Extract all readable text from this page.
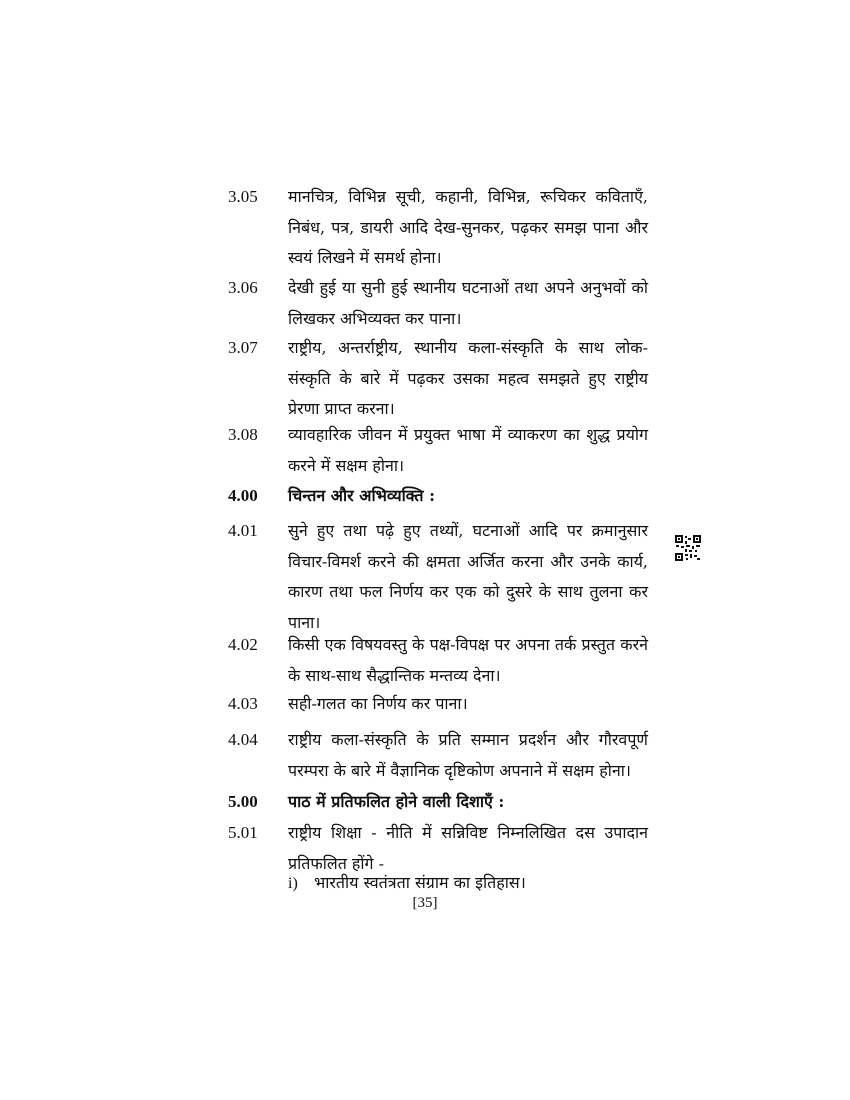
3.05	मानचित्र, विभिन्न सूची, कहानी, विभिन्न, रूचिकर कविताएँ, निबंध, पत्र, डायरी आदि देख-सुनकर, पढ़कर समझ पाना और स्वयं लिखने में समर्थ होना।
3.06	देखी हुई या सुनी हुई स्थानीय घटनाओं तथा अपने अनुभवों को लिखकर अभिव्यक्त कर पाना।
3.07	राष्ट्रीय, अन्तर्राष्ट्रीय, स्थानीय कला-संस्कृति के साथ लोक-संस्कृति के बारे में पढ़कर उसका महत्व समझते हुए राष्ट्रीय प्रेरणा प्राप्त करना।
3.08	व्यावहारिक जीवन में प्रयुक्त भाषा में व्याकरण का शुद्ध प्रयोग करने में सक्षम होना।
4.00	चिन्तन और अभिव्यक्ति :
4.01	सुने हुए तथा पढ़े हुए तथ्यों, घटनाओं आदि पर क्रमानुसार विचार-विमर्श करने की क्षमता अर्जित करना और उनके कार्य, कारण तथा फल निर्णय कर एक को दुसरे के साथ तुलना कर पाना।
4.02	किसी एक विषयवस्तु के पक्ष-विपक्ष पर अपना तर्क प्रस्तुत करने के साथ-साथ सैद्धान्तिक मन्तव्य देना।
4.03	सही-गलत का निर्णय कर पाना।
4.04	राष्ट्रीय कला-संस्कृति के प्रति सम्मान प्रदर्शन और गौरवपूर्ण परम्परा के बारे में वैज्ञानिक दृष्टिकोण अपनाने में सक्षम होना।
5.00	पाठ में प्रतिफलित होने वाली दिशाएँ :
5.01	राष्ट्रीय शिक्षा - नीति में सन्निविष्ट निम्नलिखित दस उपादान प्रतिफलित होंगे -
i) भारतीय स्वतंत्रता संग्राम का इतिहास।
[35]
